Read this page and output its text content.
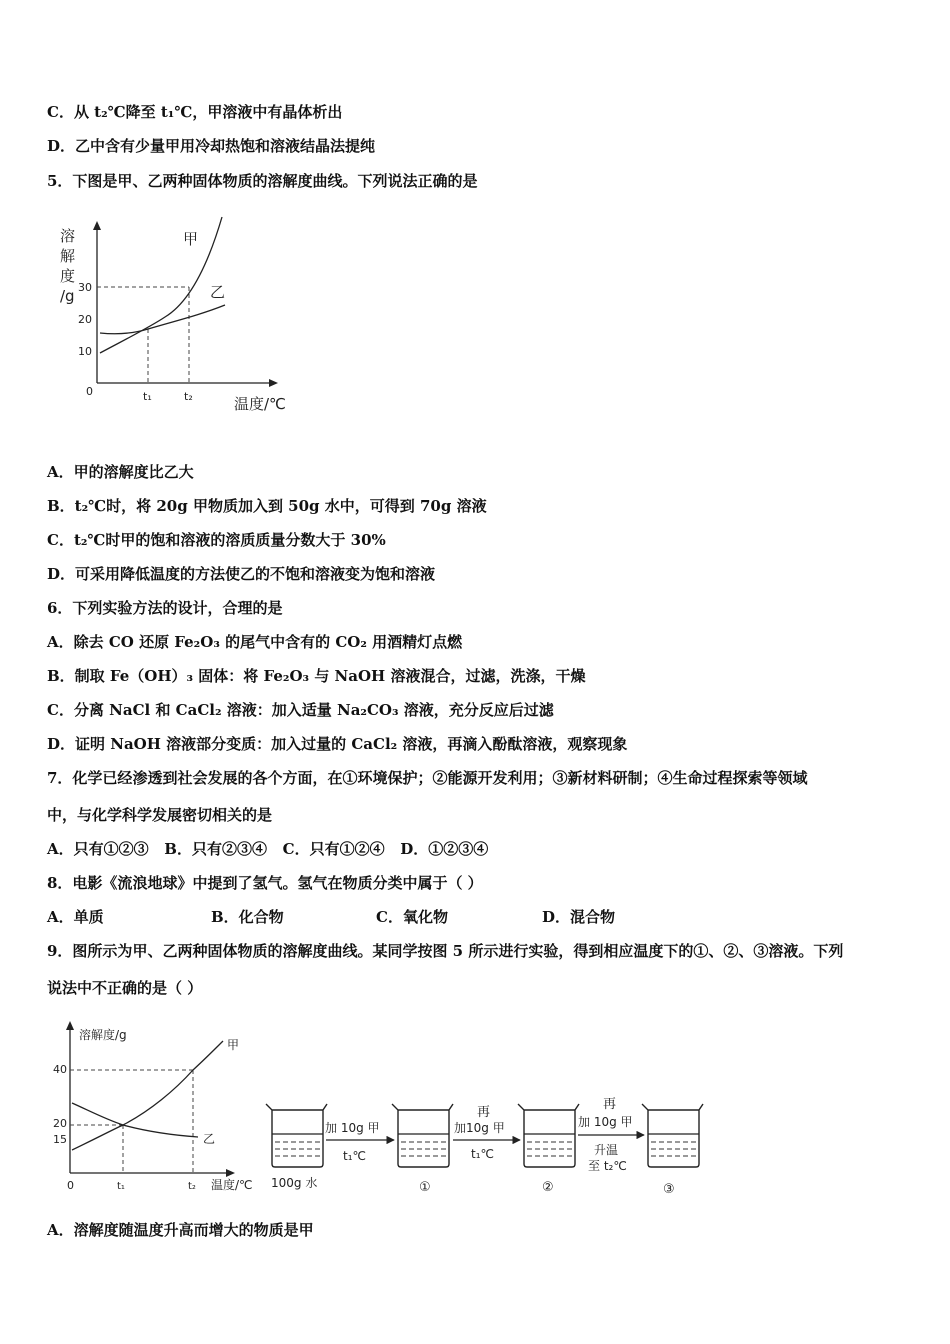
C．从 t₂℃降至 t₁℃，甲溶液中有晶体析出
D．乙中含有少量甲用冷却热饱和溶液结晶法提纯
5．下图是甲、乙两种固体物质的溶解度曲线。下列说法正确的是
溶
解
度
/g 30
20
10
0
甲
乙
t₁	t₂	温度/℃
A．甲的溶解度比乙大
B．t₂℃时，将 20g 甲物质加入到 50g 水中，可得到 70g 溶液
C．t₂℃时甲的饱和溶液的溶质质量分数大于 30%
D．可采用降低温度的方法使乙的不饱和溶液变为饱和溶液
6．下列实验方法的设计，合理的是
A．除去 CO 还原 Fe₂O₃ 的尾气中含有的 CO₂ 用酒精灯点燃
B．制取 Fe（OH）₃ 固体：将 Fe₂O₃ 与 NaOH 溶液混合，过滤，洗涤，干燥
C．分离 NaCl 和 CaCl₂ 溶液：加入适量 Na₂CO₃ 溶液，充分反应后过滤
D．证明 NaOH 溶液部分变质：加入过量的 CaCl₂ 溶液，再滴入酚酞溶液，观察现象
7．化学已经渗透到社会发展的各个方面，在①环境保护；②能源开发利用；③新材料研制；④生命过程探索等领域
中，与化学科学发展密切相关的是
A．只有①②③   B．只有②③④   C．只有①②④   D．①②③④
8．电影《流浪地球》中提到了氢气。氢气在物质分类中属于（ ）
A．单质	B．化合物	C．氧化物	D．混合物
9．图所示为甲、乙两种固体物质的溶解度曲线。某同学按图 5 所示进行实验，得到相应温度下的①、②、③溶液。下列
说法中不正确的是（ ）
溶解度/g
40
20
15
0
甲
乙
t₁	t₂ 温度/℃ 100g 水
加 10g 甲
t₁℃
①
再
加10g 甲
t₁℃
②
再
加 10g 甲
升温
至 t₂℃
③
A．溶解度随温度升高而增大的物质是甲
